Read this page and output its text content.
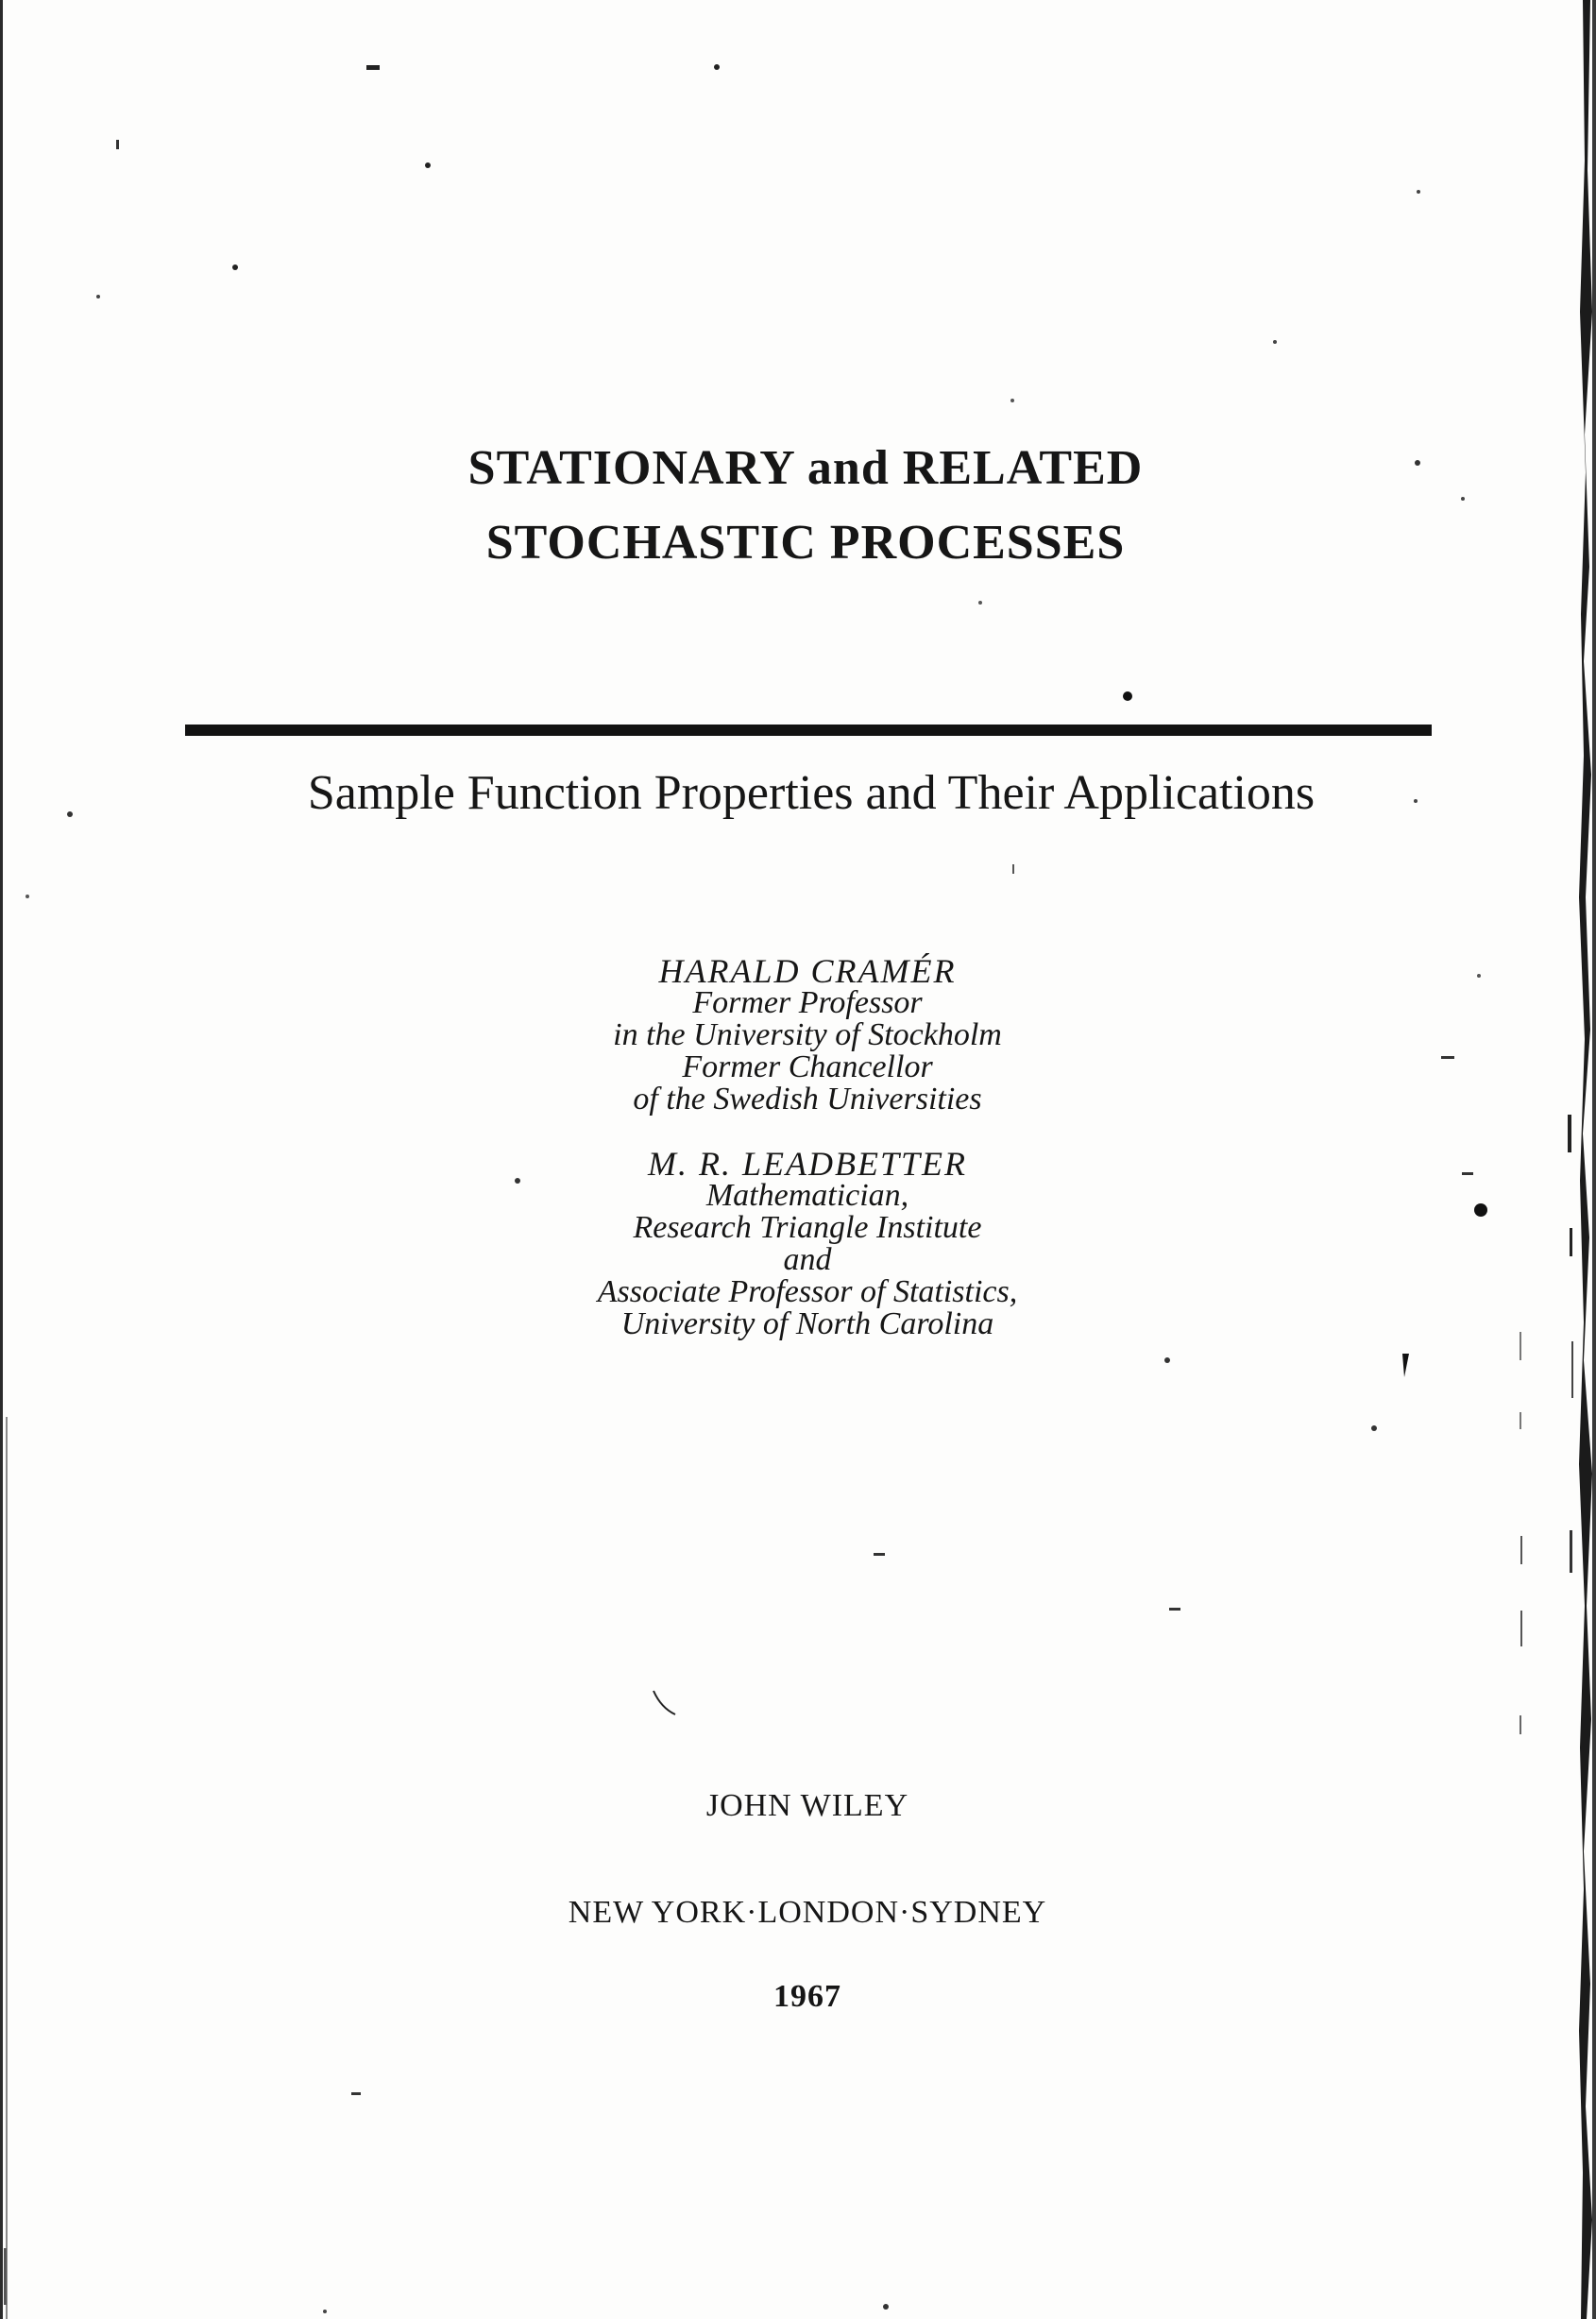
STATIONARY and RELATED
STOCHASTIC PROCESSES
Sample Function Properties and Their Applications
HARALD CRAMÉR
Former Professor
in the University of Stockholm
Former Chancellor
of the Swedish Universities
M. R. LEADBETTER
Mathematician,
Research Triangle Institute
and
Associate Professor of Statistics,
University of North Carolina
JOHN WILEY
NEW YORK·LONDON·SYDNEY
1967
